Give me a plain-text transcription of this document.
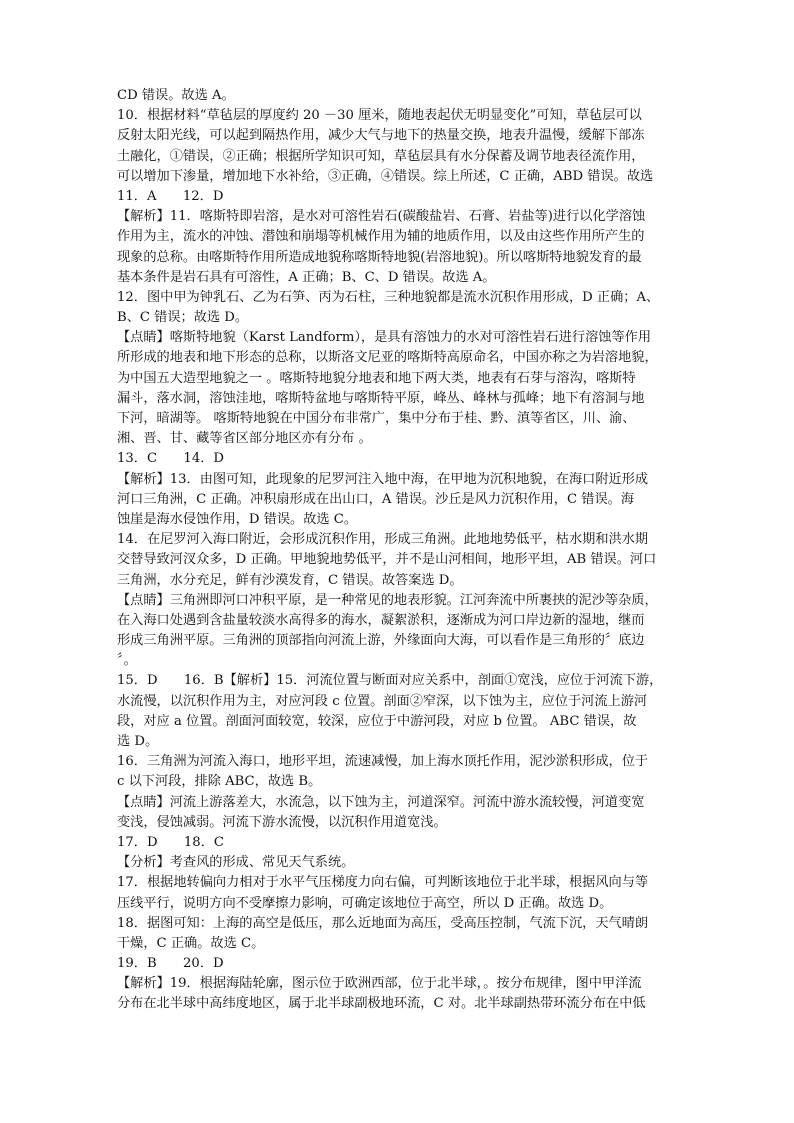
CD 错误。故选 A。
10．根据材料“草毡层的厚度约 20 －30 厘米，随地表起伏无明显变化”可知，草毡层可以
反射太阳光线，可以起到隔热作用，减少大气与地下的热量交换，地表升温慢，缓解下部冻
土融化，①错误，②正确；根据所学知识可知，草毡层具有水分保蓄及调节地表径流作用，
可以增加下渗量，增加地下水补给，③正确，④错误。综上所述，C 正确，ABD 错误。故选
11．A　　12．D
【解析】11．喀斯特即岩溶，是水对可溶性岩石(碳酸盐岩、石膏、岩盐等)进行以化学溶蚀
作用为主，流水的冲蚀、潜蚀和崩塌等机械作用为辅的地质作用，以及由这些作用所产生的
现象的总称。由喀斯特作用所造成地貌称喀斯特地貌(岩溶地貌)。所以喀斯特地貌发育的最
基本条件是岩石具有可溶性，A 正确；B、C、D 错误。故选 A。
12．图中甲为钟乳石、乙为石笋、丙为石柱，三种地貌都是流水沉积作用形成，D 正确；A、
B、C 错误；故选 D。
【点睛】喀斯特地貌（Karst Landform），是具有溶蚀力的水对可溶性岩石进行溶蚀等作用
所形成的地表和地下形态的总称，以斯洛文尼亚的喀斯特高原命名，中国亦称之为岩溶地貌，
为中国五大造型地貌之一 。喀斯特地貌分地表和地下两大类，地表有石芽与溶沟，喀斯特
漏斗，落水洞，溶蚀洼地，喀斯特盆地与喀斯特平原，峰丛、峰林与孤峰；地下有溶洞与地
下河，暗湖等。 喀斯特地貌在中国分布非常广，集中分布于桂、黔、滇等省区，川、渝、
湘、晋、甘、藏等省区部分地区亦有分布 。
13．C　　14．D
【解析】13．由图可知，此现象的尼罗河注入地中海，在甲地为沉积地貌，在海口附近形成
河口三角洲，C 正确。冲积扇形成在出山口，A 错误。沙丘是风力沉积作用，C 错误。海
蚀崖是海水侵蚀作用，D 错误。故选 C。
14．在尼罗河入海口附近，会形成沉积作用，形成三角洲。此地地势低平，枯水期和洪水期
交替导致河汊众多，D 正确。甲地貌地势低平，并不是山河相间，地形平坦，AB 错误。河口
三角洲，水分充足，鲜有沙漠发育，C 错误。故答案选 D。
【点睛】三角洲即河口冲积平原，是一种常见的地表形貌。江河奔流中所裹挟的泥沙等杂质，
在入海口处遇到含盐量较淡水高得多的海水，凝絮淤积，逐渐成为河口岸边新的湿地，继而
形成三角洲平原。三角洲的顶部指向河流上游，外缘面向大海，可以看作是三角形的〞底边
〞。
15．D　　16．B【解析】15．河流位置与断面对应关系中，剖面①宽浅，应位于河流下游，
水流慢，以沉积作用为主，对应河段 c 位置。剖面②窄深，以下蚀为主，应位于河流上游河
段，对应 a 位置。剖面河面较宽，较深，应位于中游河段，对应 b 位置。 ABC 错误，故
选 D。
16．三角洲为河流入海口，地形平坦，流速减慢，加上海水顶托作用，泥沙淤积形成，位于
c 以下河段，排除 ABC，故选 B。
【点睛】河流上游落差大，水流急，以下蚀为主，河道深窄。河流中游水流较慢，河道变宽
变浅，侵蚀减弱。河流下游水流慢，以沉积作用道宽浅。
17．D　　18．C
【分析】考查风的形成、常见天气系统。
17．根据地转偏向力相对于水平气压梯度力向右偏，可判断该地位于北半球，根据风向与等
压线平行，说明方向不受摩擦力影响，可确定该地位于高空，所以 D 正确。故选 D。
18．据图可知：上海的高空是低压，那么近地面为高压，受高压控制，气流下沉，天气晴朗
干燥，C 正确。故选 C。
19．B　　20．D
【解析】19．根据海陆轮廓，图示位于欧洲西部，位于北半球，。按分布规律，图中甲洋流
分布在北半球中高纬度地区，属于北半球副极地环流，C 对。北半球副热带环流分布在中低
